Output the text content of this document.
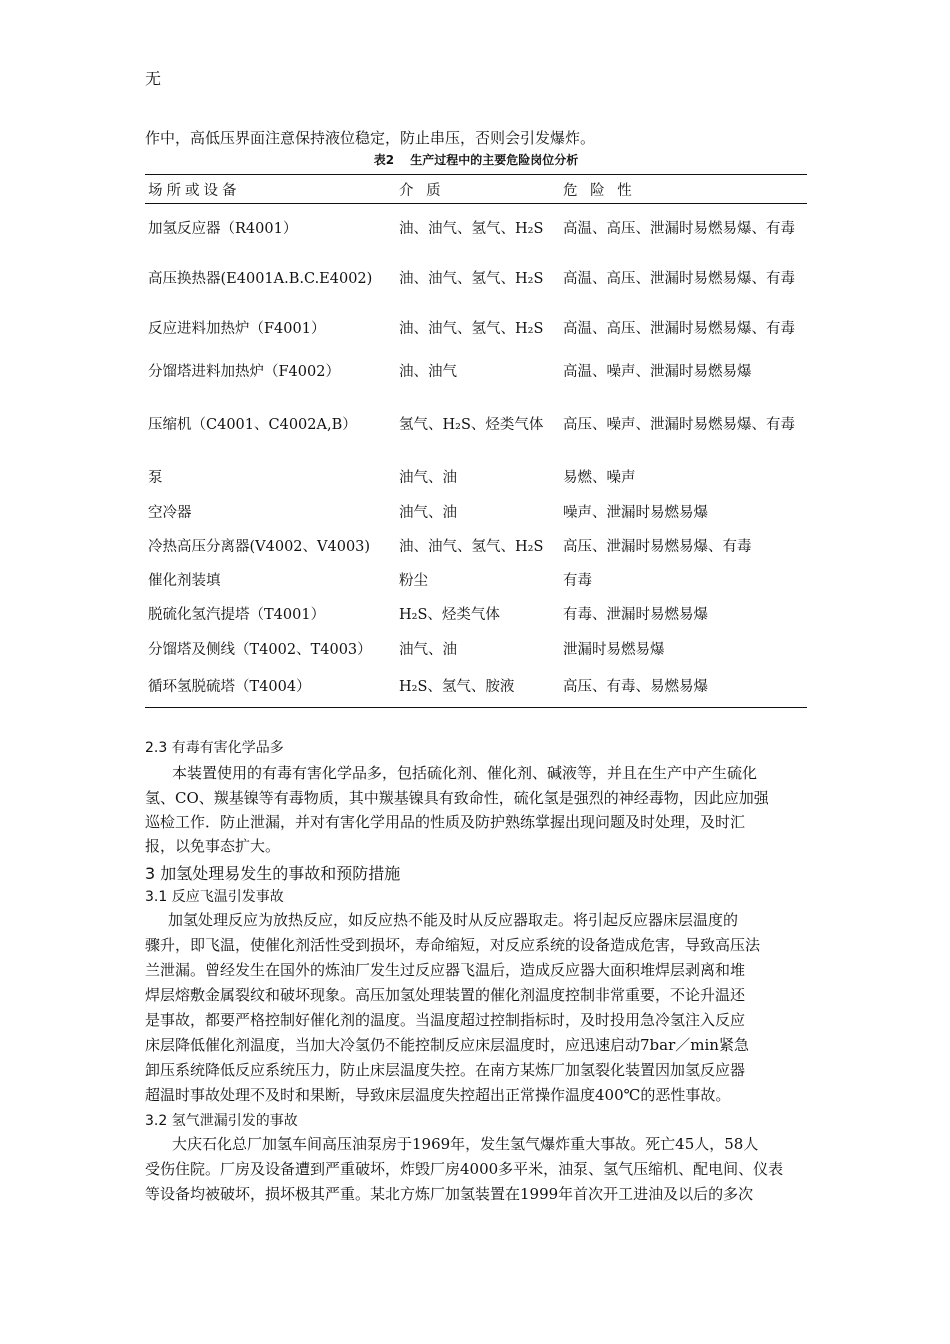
无
作中，高低压界面注意保持液位稳定，防止串压，否则会引发爆炸。
表2　 生产过程中的主要危险岗位分析
场所或设备	介 质	危 险 性
加氢反应器（R4001）	油、油气、氢气、H₂S	高温、高压、泄漏时易燃易爆、有毒
高压换热器(E4001A.B.C.E4002)	油、油气、氢气、H₂S	高温、高压、泄漏时易燃易爆、有毒
反应进料加热炉（F4001）	油、油气、氢气、H₂S	高温、高压、泄漏时易燃易爆、有毒
分馏塔进料加热炉（F4002）	油、油气	高温、噪声、泄漏时易燃易爆
压缩机（C4001、C4002A,B）	氢气、H₂S、烃类气体	高压、噪声、泄漏时易燃易爆、有毒
泵	油气、油	易燃、噪声
空冷器	油气、油	噪声、泄漏时易燃易爆
冷热高压分离器(V4002、V4003)	油、油气、氢气、H₂S	高压、泄漏时易燃易爆、有毒
催化剂装填	粉尘	有毒
脱硫化氢汽提塔（T4001）	H₂S、烃类气体	有毒、泄漏时易燃易爆
分馏塔及侧线（T4002、T4003）	油气、油	泄漏时易燃易爆
循环氢脱硫塔（T4004）	H₂S、氢气、胺液	高压、有毒、易燃易爆
2.3 有毒有害化学品多
本装置使用的有毒有害化学品多，包括硫化剂、催化剂、碱液等，并且在生产中产生硫化
氢、CO、羰基镍等有毒物质，其中羰基镍具有致命性，硫化氢是强烈的神经毒物，因此应加强
巡检工作．防止泄漏，并对有害化学用品的性质及防护熟练掌握出现问题及时处理，及时汇
报，以免事态扩大。
3 加氢处理易发生的事故和预防措施
3.1 反应飞温引发事故
加氢处理反应为放热反应，如反应热不能及时从反应器取走。将引起反应器床层温度的
骤升，即飞温，使催化剂活性受到损坏，寿命缩短，对反应系统的设备造成危害，导致高压法
兰泄漏。曾经发生在国外的炼油厂发生过反应器飞温后，造成反应器大面积堆焊层剥离和堆
焊层熔敷金属裂纹和破坏现象。高压加氢处理装置的催化剂温度控制非常重要，不论升温还
是事故，都要严格控制好催化剂的温度。当温度超过控制指标时，及时投用急冷氢注入反应
床层降低催化剂温度，当加大冷氢仍不能控制反应床层温度时，应迅速启动7bar／min紧急
卸压系统降低反应系统压力，防止床层温度失控。在南方某炼厂加氢裂化装置因加氢反应器
超温时事故处理不及时和果断，导致床层温度失控超出正常操作温度400℃的恶性事故。
3.2 氢气泄漏引发的事故
大庆石化总厂加氢车间高压油泵房于1969年，发生氢气爆炸重大事故。死亡45人，58人
受伤住院。厂房及设备遭到严重破坏，炸毁厂房4000多平米，油泵、氢气压缩机、配电间、仪表
等设备均被破坏，损坏极其严重。某北方炼厂加氢装置在1999年首次开工进油及以后的多次
